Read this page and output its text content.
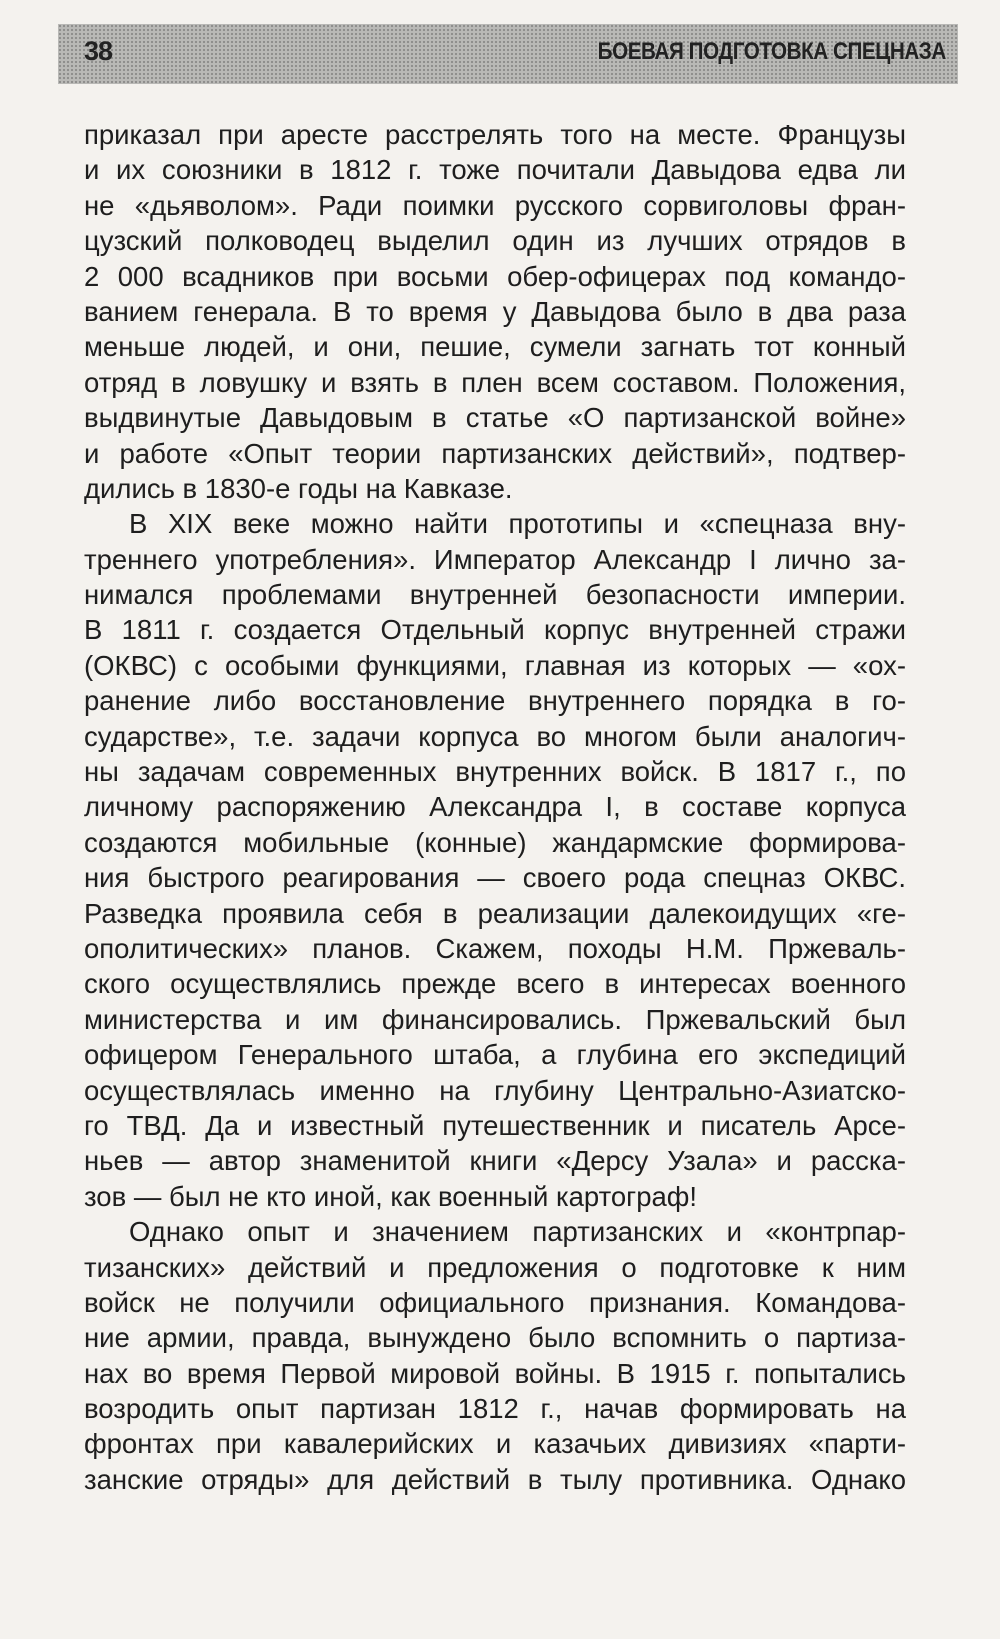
38	БОЕВАЯ ПОДГОТОВКА СПЕЦНАЗА
приказал при аресте расстрелять того на месте. Французы
и их союзники в 1812 г. тоже почитали Давыдова едва ли
не «дьяволом». Ради поимки русского сорвиголовы фран-
цузский полководец выделил один из лучших отрядов в
2 000 всадников при восьми обер-офицерах под командо-
ванием генерала. В то время у Давыдова было в два раза
меньше людей, и они, пешие, сумели загнать тот конный
отряд в ловушку и взять в плен всем составом. Положения,
выдвинутые Давыдовым в статье «О партизанской войне»
и работе «Опыт теории партизанских действий», подтвер-
дились в 1830-е годы на Кавказе.
В XIX веке можно найти прототипы и «спецназа вну-
треннего употребления». Император Александр I лично за-
нимался проблемами внутренней безопасности империи.
В 1811 г. создается Отдельный корпус внутренней стражи
(ОКВС) с особыми функциями, главная из которых — «ох-
ранение либо восстановление внутреннего порядка в го-
сударстве», т.е. задачи корпуса во многом были аналогич-
ны задачам современных внутренних войск. В 1817 г., по
личному распоряжению Александра I, в составе корпуса
создаются мобильные (конные) жандармские формирова-
ния быстрого реагирования — своего рода спецназ ОКВС.
Разведка проявила себя в реализации далекоидущих «ге-
ополитических» планов. Скажем, походы Н.М. Пржеваль-
ского осуществлялись прежде всего в интересах военного
министерства и им финансировались. Пржевальский был
офицером Генерального штаба, а глубина его экспедиций
осуществлялась именно на глубину Центрально-Азиатско-
го ТВД. Да и известный путешественник и писатель Арсе-
ньев — автор знаменитой книги «Дерсу Узала» и расска-
зов — был не кто иной, как военный картограф!
Однако опыт и значением партизанских и «контрпар-
тизанских» действий и предложения о подготовке к ним
войск не получили официального признания. Командова-
ние армии, правда, вынуждено было вспомнить о партиза-
нах во время Первой мировой войны. В 1915 г. попытались
возродить опыт партизан 1812 г., начав формировать на
фронтах при кавалерийских и казачьих дивизиях «парти-
занские отряды» для действий в тылу противника. Однако
